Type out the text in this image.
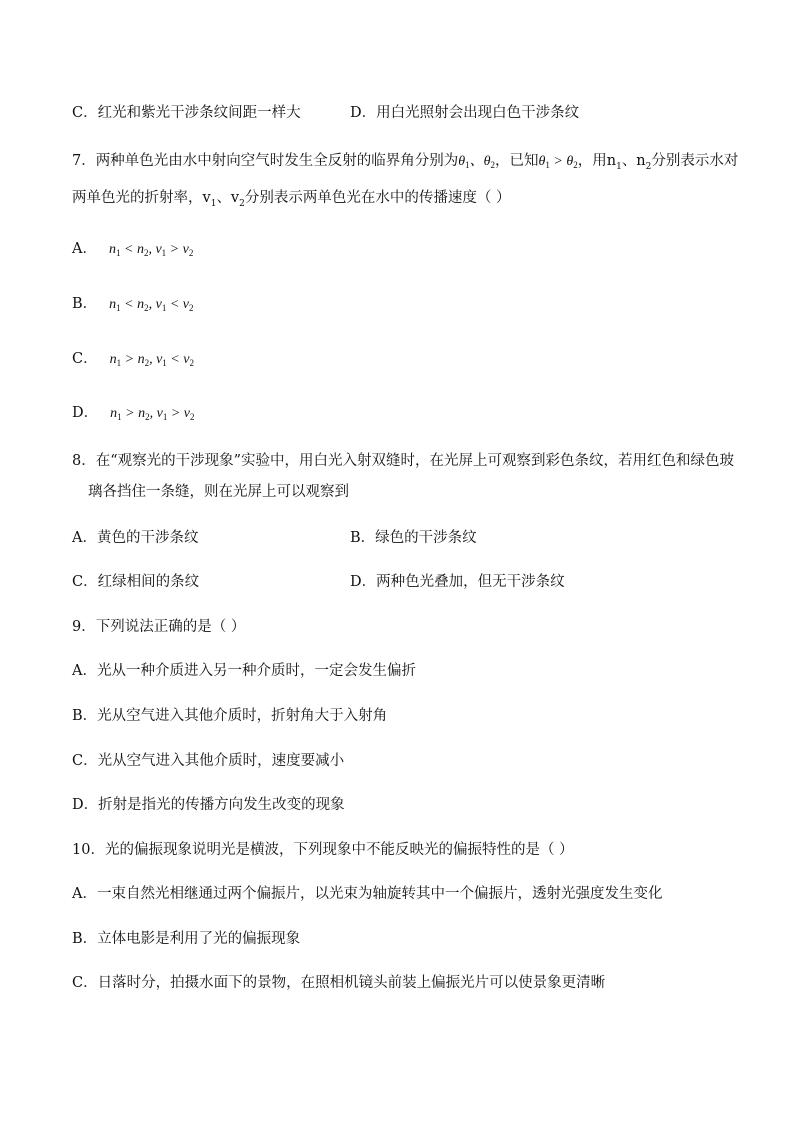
C．红光和紫光干涉条纹间距一样大	D．用白光照射会出现白色干涉条纹
7．两种单色光由水中射向空气时发生全反射的临界角分别为$\theta_1$、$\theta_2$，已知$\theta_1 > \theta_2$，用$n_1$、$n_2$分别表示水对
两单色光的折射率，$v_1$、$v_2$分别表示两单色光在水中的传播速度（ ）
A． $n_1 < n_2$, $v_1 > v_2$
B． $n_1 < n_2$, $v_1 < v_2$
C． $n_1 > n_2$, $v_1 < v_2$
D． $n_1 > n_2$, $v_1 > v_2$
8．在“观察光的干涉现象”实验中，用白光入射双缝时，在光屏上可观察到彩色条纹，若用红色和绿色玻
璃各挡住一条缝，则在光屏上可以观察到
A．黄色的干涉条纹	B．绿色的干涉条纹
C．红绿相间的条纹	D．两种色光叠加，但无干涉条纹
9．下列说法正确的是（ ）
A．光从一种介质进入另一种介质时，一定会发生偏折
B．光从空气进入其他介质时，折射角大于入射角
C．光从空气进入其他介质时，速度要减小
D．折射是指光的传播方向发生改变的现象
10．光的偏振现象说明光是横波，下列现象中不能反映光的偏振特性的是（ ）
A．一束自然光相继通过两个偏振片，以光束为轴旋转其中一个偏振片，透射光强度发生变化
B．立体电影是利用了光的偏振现象
C．日落时分，拍摄水面下的景物，在照相机镜头前装上偏振光片可以使景象更清晰
